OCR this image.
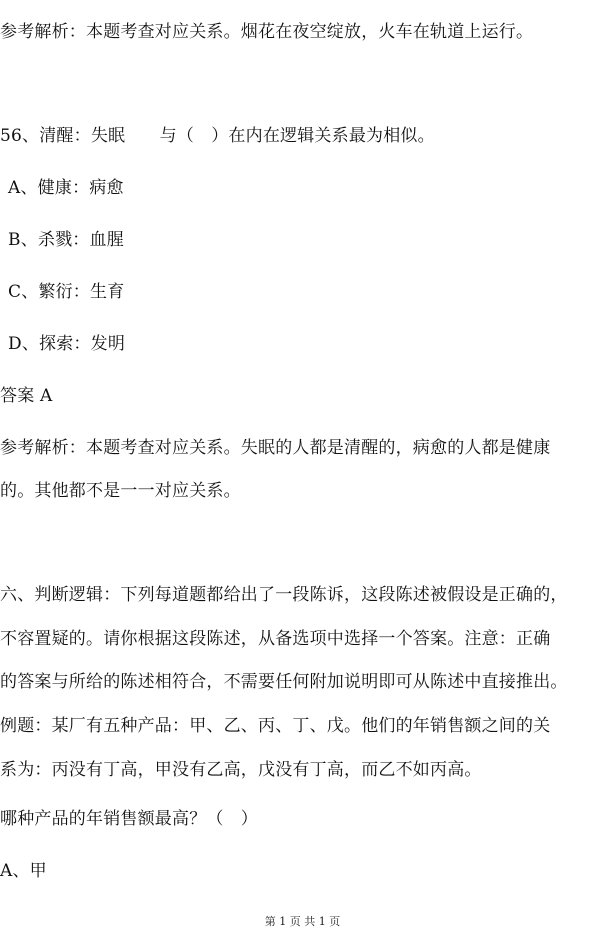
参考解析：本题考查对应关系。烟花在夜空绽放，火车在轨道上运行。
56、清醒：失眠　　与（　）在内在逻辑关系最为相似。
A、健康：病愈
B、杀戮：血腥
C、繁衍：生育
D、探索：发明
答案 A
参考解析：本题考查对应关系。失眠的人都是清醒的，病愈的人都是健康
的。其他都不是一一对应关系。
六、判断逻辑：下列每道题都给出了一段陈诉，这段陈述被假设是正确的，
不容置疑的。请你根据这段陈述，从备选项中选择一个答案。注意：正确
的答案与所给的陈述相符合，不需要任何附加说明即可从陈述中直接推出。
例题：某厂有五种产品：甲、乙、丙、丁、戊。他们的年销售额之间的关
系为：丙没有丁高，甲没有乙高，戊没有丁高，而乙不如丙高。
哪种产品的年销售额最高？（　）
A、甲
第 1 页 共 1 页
